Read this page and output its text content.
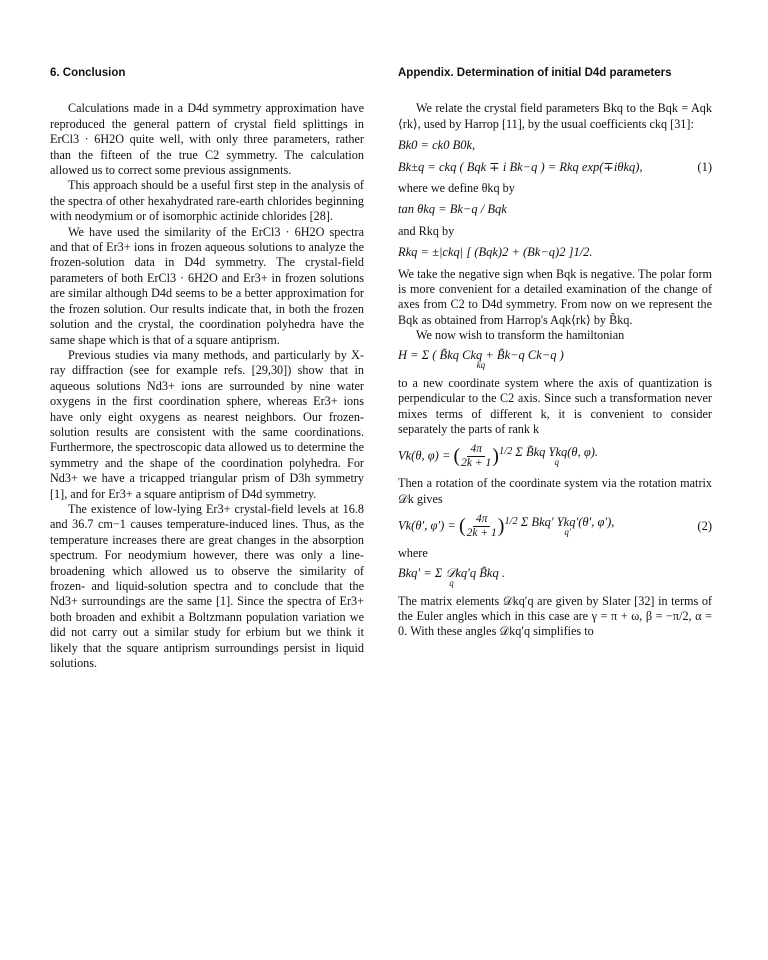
6. Conclusion

Calculations made in a D4d symmetry approximation have reproduced the general pattern of crystal field splittings in ErCl3 · 6H2O quite well, with only three parameters, rather than the fifteen of the true C2 symmetry. The calculation allowed us to correct some previous assignments.

This approach should be a useful first step in the analysis of the spectra of other hexahydrated rare-earth chlorides beginning with neodymium or of isomorphic actinide chlorides [28].

We have used the similarity of the ErCl3 · 6H2O spectra and that of Er3+ ions in frozen aqueous solutions to analyze the frozen-solution data in D4d symmetry. The crystal-field parameters of both ErCl3 · 6H2O and Er3+ in frozen solutions are similar although D4d seems to be a better approximation for the frozen solution. Our results indicate that, in both the frozen solution and the crystal, the coordination polyhedra have the same shape which is that of a square antiprism.

Previous studies via many methods, and particularly by X-ray diffraction (see for example refs. [29,30]) show that in aqueous solutions Nd3+ ions are surrounded by nine water oxygens in the first coordination sphere, whereas Er3+ ions have only eight oxygens as nearest neighbors. Our frozen-solution results are consistent with the same coordinations. Furthermore, the spectroscopic data allowed us to determine the symmetry and the shape of the coordination polyhedra. For Nd3+ we have a tricapped triangular prism of D3h symmetry [1], and for Er3+ a square antiprism of D4d symmetry.

The existence of low-lying Er3+ crystal-field levels at 16.8 and 36.7 cm−1 causes temperature-induced lines. Thus, as the temperature increases there are great changes in the absorption spectrum. For neodymium however, there was only a line-broadening which allowed us to observe the similarity of frozen- and liquid-solution spectra and to conclude that the Nd3+ surroundings are the same [1]. Since the spectra of Er3+ both broaden and exhibit a Boltzmann population variation we did not carry out a similar study for erbium but we think it likely that the square antiprism surroundings persist in liquid solutions.

Appendix. Determination of initial D4d parameters

We relate the crystal field parameters Bkq to the Bqk = Aqk ⟨rk⟩, used by Harrop [11], by the usual coefficients ckq [31]:

Bk0 = ck0 B0k,
Bk±q = ckq ( Bqk ∓ i Bk−q ) = Rkq exp(∓iθkq),	(1)

where we define θkq by

tan θkq = Bk−q / Bqk

and Rkq by

Rkq = ±|ckq| [ (Bqk)2 + (Bk−q)2 ]1/2.

We take the negative sign when Bqk is negative. The polar form is more convenient for a detailed examination of the change of axes from C2 to D4d symmetry. From now on we represent the Bqk as obtained from Harrop's Aqk⟨rk⟩ by B̃kq.

We now wish to transform the hamiltonian

H = Σ ( B̃kq Ckq + B̃k−q Ck−q )
kq

to a new coordinate system where the axis of quantization is perpendicular to the C2 axis. Since such a transformation never mixes terms of different k, it is convenient to consider separately the parts of rank k

Vk(θ, φ) = ( $\frac{4\pi}{2k + 1} )^{1/2}$ Σ B̃kq Ykq(θ, φ).
q

Then a rotation of the coordinate system via the rotation matrix 𝒟k gives

Vk(θ′, φ′) = ( $\frac{4\pi}{2k + 1} )^{1/2}$ Σ Bkq′ Ykq′(θ′, φ′),
q′	(2)

where

Bkq′ = Σ 𝒟kq′q B̃kq .
q

The matrix elements 𝒟kq′q are given by Slater [32] in terms of the Euler angles which in this case are γ = π + ω, β = −π/2, α = 0. With these angles 𝒟kq′q simplifies to
